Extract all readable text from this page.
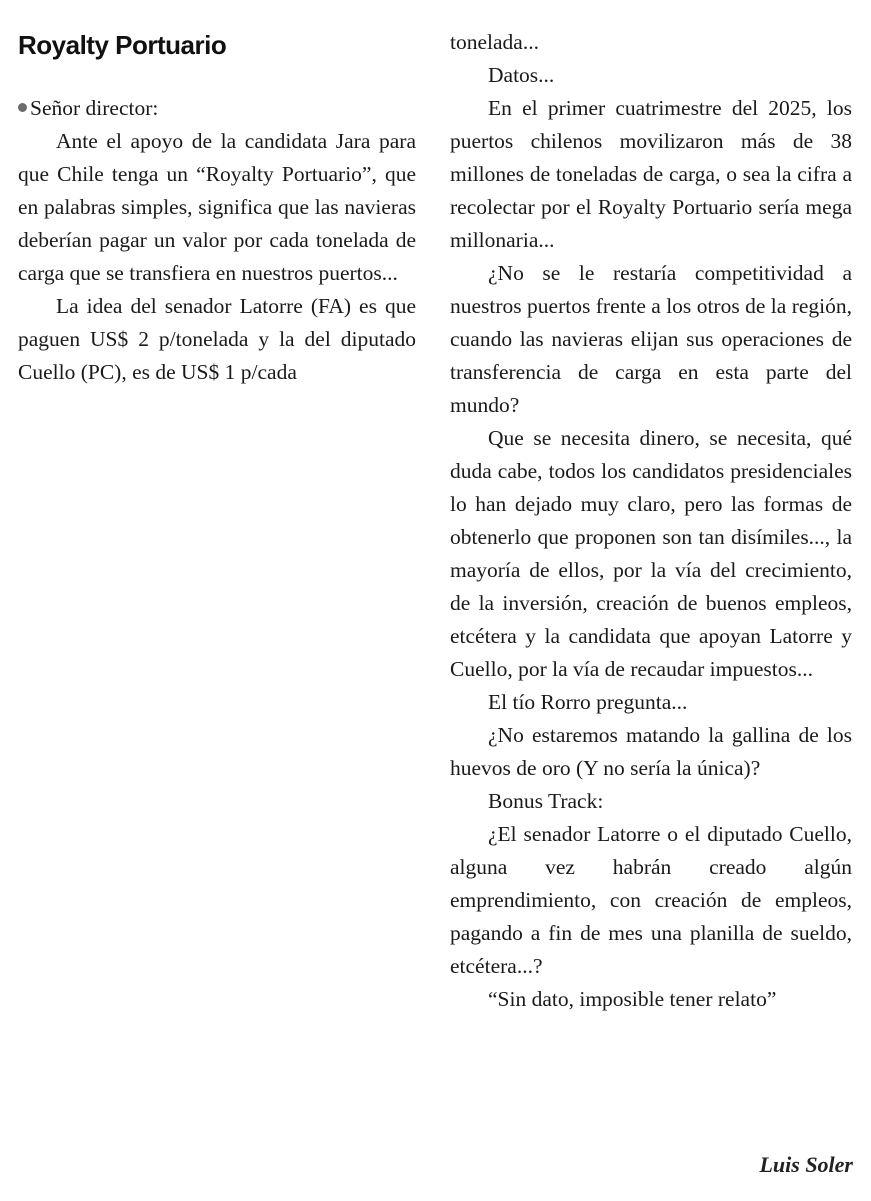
Royalty Portuario

Señor director:

Ante el apoyo de la candidata Jara para que Chile tenga un “Royalty Portuario”, que en palabras simples, significa que las navieras deberían pagar un valor por cada tonelada de carga que se transfiera en nuestros puertos...

La idea del senador Latorre (FA) es que paguen US$ 2 p/tonelada y la del diputado Cuello (PC), es de US$ 1 p/cada

tonelada...

Datos...

En el primer cuatrimestre del 2025, los puertos chilenos movilizaron más de 38 millones de toneladas de carga, o sea la cifra a recolectar por el Royalty Portuario sería mega millonaria...

¿No se le restaría competitividad a nuestros puertos frente a los otros de la región, cuando las navieras elijan sus operaciones de transferencia de carga en esta parte del mundo?

Que se necesita dinero, se necesita, qué duda cabe, todos los candidatos presidenciales lo han dejado muy claro, pero las formas de obtenerlo que proponen son tan disímiles..., la mayoría de ellos, por la vía del crecimiento, de la inversión, creación de buenos empleos, etcétera y la candidata que apoyan Latorre y Cuello, por la vía de recaudar impuestos...

El tío Rorro pregunta...

¿No estaremos matando la gallina de los huevos de oro (Y no sería la única)?

Bonus Track:

¿El senador Latorre o el diputado Cuello, alguna vez habrán creado algún emprendimiento, con creación de empleos, pagando a fin de mes una planilla de sueldo, etcétera...?

“Sin dato, imposible tener relato”

Luis Soler
